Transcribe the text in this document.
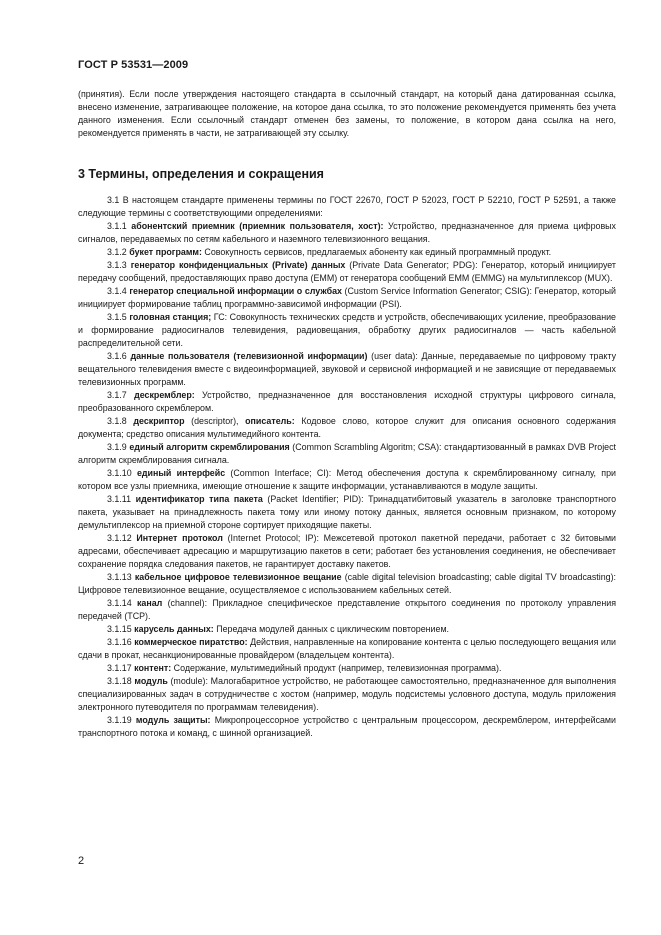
ГОСТ Р 53531—2009

(принятия). Если после утверждения настоящего стандарта в ссылочный стандарт, на который дана датированная ссылка, внесено изменение, затрагивающее положение, на которое дана ссылка, то это положение рекомендуется применять без учета данного изменения. Если ссылочный стандарт отменен без замены, то положение, в котором дана ссылка на него, рекомендуется применять в части, не затрагивающей эту ссылку.

3 Термины, определения и сокращения

3.1 В настоящем стандарте применены термины по ГОСТ 22670, ГОСТ Р 52023, ГОСТ Р 52210, ГОСТ Р 52591, а также следующие термины с соответствующими определениями:

3.1.1 абонентский приемник (приемник пользователя, хост): Устройство, предназначенное для приема цифровых сигналов, передаваемых по сетям кабельного и наземного телевизионного вещания.

3.1.2 букет программ: Совокупность сервисов, предлагаемых абоненту как единый программный продукт.

3.1.3 генератор конфиденциальных (Private) данных (Private Data Generator; PDG): Генератор, который инициирует передачу сообщений, предоставляющих право доступа (EMM) от генератора сообщений EMM (EMMG) на мультиплексор (MUX).

3.1.4 генератор специальной информации о службах (Custom Service Information Generator; CSIG): Генератор, который инициирует формирование таблиц программно-зависимой информации (PSI).

3.1.5 головная станция; ГС: Совокупность технических средств и устройств, обеспечивающих усиление, преобразование и формирование радиосигналов телевидения, радиовещания, обработку других радиосигналов — часть кабельной распределительной сети.

3.1.6 данные пользователя (телевизионной информации) (user data): Данные, передаваемые по цифровому тракту вещательного телевидения вместе с видеоинформацией, звуковой и сервисной информацией и не зависящие от передаваемых телевизионных программ.

3.1.7 дескремблер: Устройство, предназначенное для восстановления исходной структуры цифрового сигнала, преобразованного скремблером.

3.1.8 дескриптор (descriptor), описатель: Кодовое слово, которое служит для описания основного содержания документа; средство описания мультимедийного контента.

3.1.9 единый алгоритм скремблирования (Common Scrambling Algoritm; CSA): стандартизованный в рамках DVB Project алгоритм скремблирования сигнала.

3.1.10 единый интерфейс (Common Interface; CI): Метод обеспечения доступа к скремблированному сигналу, при котором все узлы приемника, имеющие отношение к защите информации, устанавливаются в модуле защиты.

3.1.11 идентификатор типа пакета (Packet Identifier; PID): Тринадцатибитовый указатель в заголовке транспортного пакета, указывает на принадлежность пакета тому или иному потоку данных, является основным признаком, по которому демультиплексор на приемной стороне сортирует приходящие пакеты.

3.1.12 Интернет протокол (Internet Protocol; IP): Межсетевой протокол пакетной передачи, работает с 32 битовыми адресами, обеспечивает адресацию и маршрутизацию пакетов в сети; работает без установления соединения, не обеспечивает сохранение порядка следования пакетов, не гарантирует доставку пакетов.

3.1.13 кабельное цифровое телевизионное вещание (cable digital television broadcasting; cable digital TV broadcasting): Цифровое телевизионное вещание, осуществляемое с использованием кабельных сетей.

3.1.14 канал (channel): Прикладное специфическое представление открытого соединения по протоколу управления передачей (TCP).

3.1.15 карусель данных: Передача модулей данных с циклическим повторением.

3.1.16 коммерческое пиратство: Действия, направленные на копирование контента с целью последующего вещания или сдачи в прокат, несанкционированные провайдером (владельцем контента).

3.1.17 контент: Содержание, мультимедийный продукт (например, телевизионная программа).

3.1.18 модуль (module): Малогабаритное устройство, не работающее самостоятельно, предназначенное для выполнения специализированных задач в сотрудничестве с хостом (например, модуль подсистемы условного доступа, модуль приложения электронного путеводителя по программам телевидения).

3.1.19 модуль защиты: Микропроцессорное устройство с центральным процессором, дескремблером, интерфейсами транспортного потока и команд, с шинной организацией.

2
